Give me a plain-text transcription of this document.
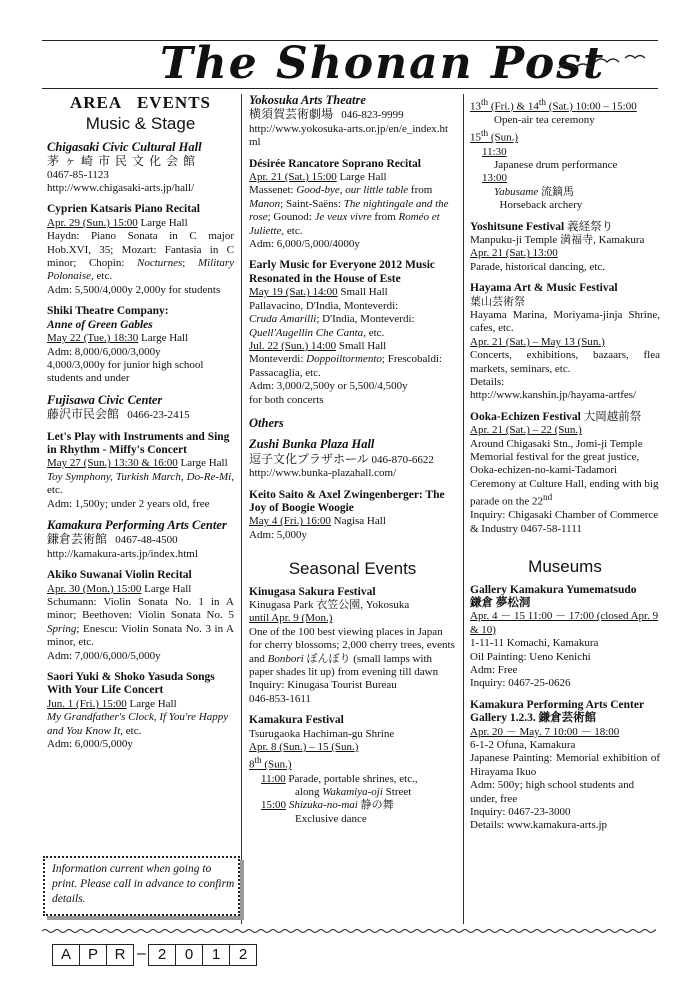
The Shonan Post
AREA   EVENTS
Music & Stage
Chigasaki Civic Cultural Hall

茅ヶ崎市民文化会館

0467-85-1123

http://www.chigasaki-arts.jp/hall/

Cyprien Katsaris Piano Recital

Apr. 29 (Sun.) 15:00 Large Hall

Haydn: Piano Sonata in C major Hob.XVI, 35; Mozart: Fantasia in C minor; Chopin: Nocturnes; Military Polonaise, etc.

Adm: 5,500/4,000y 2,000y for students

Shiki Theatre Company:
Anne of Green Gables

May 22 (Tue.) 18:30 Large Hall

Adm: 8,000/6,000/3,000y

4,000/3,000y for junior high school students and under

Fujisawa Civic Center

藤沢市民会館 0466-23-2415

Let's Play with Instruments and Sing in Rhythm - Miffy's Concert

May 27 (Sun.) 13:30 & 16:00 Large Hall

Toy Symphony, Turkish March, Do-Re-Mi, etc.

Adm: 1,500y; under 2 years old, free

Kamakura Performing Arts Center

鎌倉芸術館 0467-48-4500

http://kamakura-arts.jp/index.html

Akiko Suwanai Violin Recital

Apr. 30 (Mon.) 15:00 Large Hall

Schumann: Violin Sonata No. 1 in A minor; Beethoven: Violin Sonata No. 5 Spring; Enescu: Violin Sonata No. 3 in A minor, etc.

Adm: 7,000/6,000/5,000y

Saori Yuki & Shoko Yasuda Songs With Your Life Concert

Jun. 1 (Fri.) 15:00 Large Hall

My Grandfather's Clock, If You're Happy and You Know It, etc.

Adm: 6,000/5,000y

Information current when going to print. Please call in advance to confirm details.
Yokosuka Arts Theatre

横須賀芸術劇場 046-823-9999

http://www.yokosuka-arts.or.jp/en/e_index.html

Désirée Rancatore Soprano Recital

Apr. 21 (Sat.) 15:00 Large Hall

Massenet: Good-bye, our little table from Manon; Saint-Saëns: The nightingale and the rose; Gounod: Je veux vivre from Roméo et Juliette, etc.

Adm: 6,000/5,000/4000y

Early Music for Everyone 2012 Music Resonated in the House of Este

May 19 (Sat.) 14:00 Small Hall

Pallavacino, D'India, Monteverdi:
Cruda Amarilli; D'India, Monteverdi:
Quell'Augellin Che Canta, etc.

Jul. 22 (Sun.) 14:00 Small Hall

Monteverdi: Doppoiltormento; Frescobaldi: Passacaglia, etc.

Adm: 3,000/2,500y or 5,500/4,500y

for both concerts

Others
Zushi Bunka Plaza Hall

逗子文化プラザホール 046-870-6622

http://www.bunka-plazahall.com/

Keito Saito & Axel Zwingenberger: The Joy of Boogie Woogie

May 4 (Fri.) 16:00 Nagisa Hall

Adm: 5,000y

Seasonal Events
Kinugasa Sakura Festival

Kinugasa Park 衣笠公園, Yokosuka

until Apr. 9 (Mon.)

One of the 100 best viewing places in Japan for cherry blossoms; 2,000 cherry trees, events and Bonbori ぼんぼり (small lamps with paper shades lit up) from evening till dawn

Inquiry: Kinugasa Tourist Bureau

046-853-1611

Kamakura Festival

Tsurugaoka Hachiman-gu Shrine

Apr. 8 (Sun.) – 15 (Sun.)

8th (Sun.)

11:00 Parade, portable shrines, etc.,

along Wakamiya-oji Street

15:00 Shizuka-no-mai 静の舞

Exclusive dance

13th (Fri.) & 14th (Sat.) 10:00 – 15:00

Open-air tea ceremony

15th (Sun.)

11:30

Japanese drum performance

13:00

Yabusame 流鏑馬  Horseback archery

Yoshitsune Festival 義経祭り

Manpuku-ji Temple 満福寺, Kamakura

Apr. 21 (Sat.) 13:00

Parade, historical dancing, etc.

Hayama Art & Music Festival

葉山芸術祭

Hayama Marina, Moriyama-jinja Shrine, cafes, etc.

Apr. 21 (Sat.) – May 13 (Sun.)

Concerts, exhibitions, bazaars, flea markets, seminars, etc.

Details:

http://www.kanshin.jp/hayama-artfes/

Ooka-Echizen Festival 大岡越前祭

Apr. 21 (Sat.) – 22 (Sun.)

Around Chigasaki Stn., Jomi-ji Temple Memorial festival for the great justice, Ooka-echizen-no-kami-Tadamori Ceremony at Culture Hall, ending with big parade on the 22nd

Inquiry: Chigasaki Chamber of Commerce & Industry 0467-58-1111

Museums
Gallery Kamakura Yumematsudo
鎌倉 夢松洞

Apr. 4 － 15 11:00 － 17:00 (closed Apr. 9 & 10)

1-11-11 Komachi, Kamakura

Oil Painting: Ueno Kenichi

Adm: Free

Inquiry: 0467-25-0626

Kamakura Performing Arts Center
Gallery 1.2.3. 鎌倉芸術館

Apr. 20 － May. 7 10:00 － 18:00

6-1-2 Ofuna, Kamakura

Japanese Painting: Memorial exhibition of Hirayama Ikuo

Adm: 500y; high school students and under, free

Inquiry: 0467-23-3000

Details: www.kamakura-arts.jp

A	P	R – 2	0	1	2
